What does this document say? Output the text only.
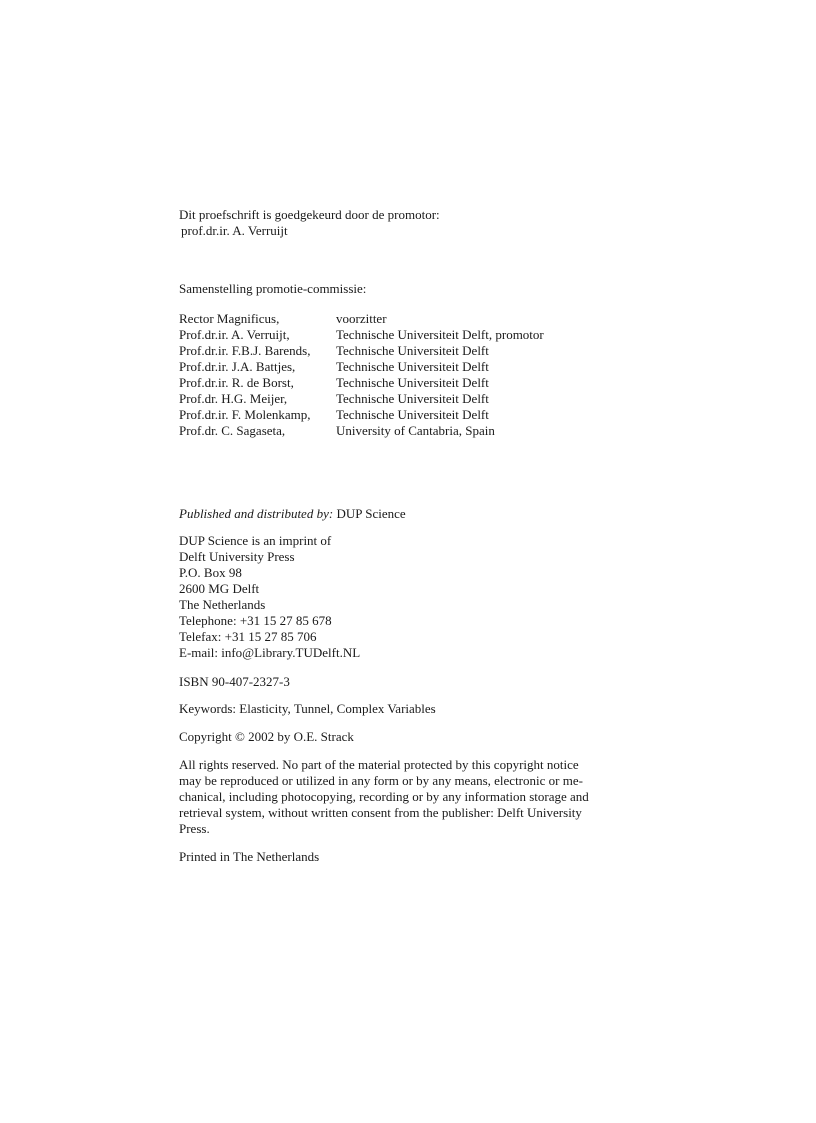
Dit proefschrift is goedgekeurd door de promotor:
prof.dr.ir. A. Verruijt
Samenstelling promotie-commissie:
Rector Magnificus,	voorzitter
Prof.dr.ir. A. Verruijt,	Technische Universiteit Delft, promotor
Prof.dr.ir. F.B.J. Barends,	Technische Universiteit Delft
Prof.dr.ir. J.A. Battjes,	Technische Universiteit Delft
Prof.dr.ir. R. de Borst,	Technische Universiteit Delft
Prof.dr. H.G. Meijer,	Technische Universiteit Delft
Prof.dr.ir. F. Molenkamp,	Technische Universiteit Delft
Prof.dr. C. Sagaseta,	University of Cantabria, Spain
Published and distributed by: DUP Science
DUP Science is an imprint of
Delft University Press
P.O. Box 98
2600 MG Delft
The Netherlands
Telephone: +31 15 27 85 678
Telefax: +31 15 27 85 706
E-mail: info@Library.TUDelft.NL
ISBN 90-407-2327-3
Keywords: Elasticity, Tunnel, Complex Variables
Copyright © 2002 by O.E. Strack
All rights reserved. No part of the material protected by this copyright notice
may be reproduced or utilized in any form or by any means, electronic or me-
chanical, including photocopying, recording or by any information storage and
retrieval system, without written consent from the publisher: Delft University
Press.
Printed in The Netherlands
